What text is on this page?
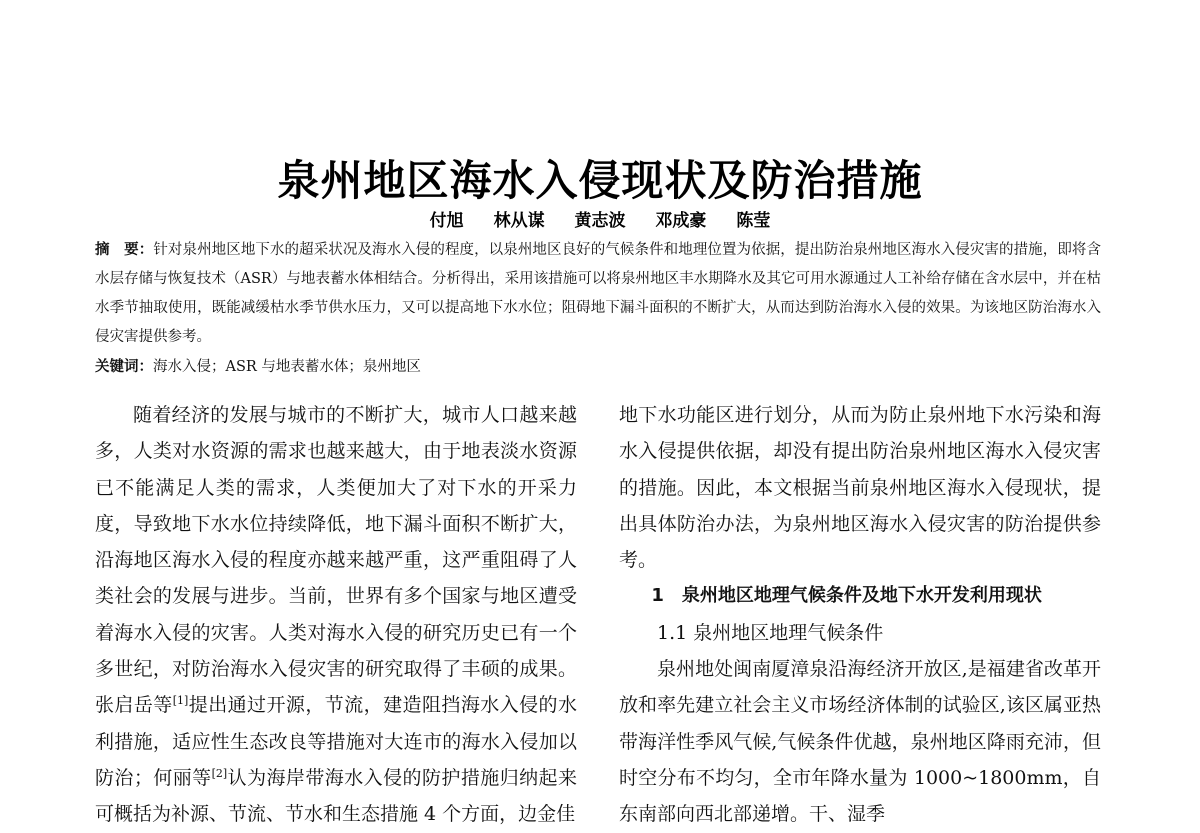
泉州地区海水入侵现状及防治措施
付旭 林从谋 黄志波 邓成豪 陈莹
摘　要：针对泉州地区地下水的超采状况及海水入侵的程度，以泉州地区良好的气候条件和地理位置为依据，提出防治泉州地区海水入侵灾害的措施，即将含水层存储与恢复技术（ASR）与地表蓄水体相结合。分析得出，采用该措施可以将泉州地区丰水期降水及其它可用水源通过人工补给存储在含水层中，并在枯水季节抽取使用，既能减缓枯水季节供水压力，又可以提高地下水水位；阻碍地下漏斗面积的不断扩大，从而达到防治海水入侵的效果。为该地区防治海水入侵灾害提供参考。
关键词：海水入侵；ASR 与地表蓄水体；泉州地区

随着经济的发展与城市的不断扩大，城市人口越来越多，人类对水资源的需求也越来越大，由于地表淡水资源已不能满足人类的需求，人类便加大了对下水的开采力度，导致地下水水位持续降低，地下漏斗面积不断扩大，沿海地区海水入侵的程度亦越来越严重，这严重阻碍了人类社会的发展与进步。当前，世界有多个国家与地区遭受着海水入侵的灾害。人类对海水入侵的研究历史已有一个多世纪，对防治海水入侵灾害的研究取得了丰硕的成果。张启岳等[1]提出通过开源，节流，建造阻挡海水入侵的水利措施，适应性生态改良等措施对大连市的海水入侵加以防治；何丽等[2]认为海岸带海水入侵的防护措施归纳起来可概括为补源、节流、节水和生态措施 4 个方面，边金佳

地下水功能区进行划分，从而为防止泉州地下水污染和海水入侵提供依据，却没有提出防治泉州地区海水入侵灾害的措施。因此，本文根据当前泉州地区海水入侵现状，提出具体防治办法，为泉州地区海水入侵灾害的防治提供参考。

1　泉州地区地理气候条件及地下水开发利用现状

1.1 泉州地区地理气候条件

泉州地处闽南厦漳泉沿海经济开放区,是福建省改革开放和率先建立社会主义市场经济体制的试验区,该区属亚热带海洋性季风气候,气候条件优越，泉州地区降雨充沛，但时空分布不均匀，全市年降水量为 1000~1800mm，自东南部向西北部递增。干、湿季
